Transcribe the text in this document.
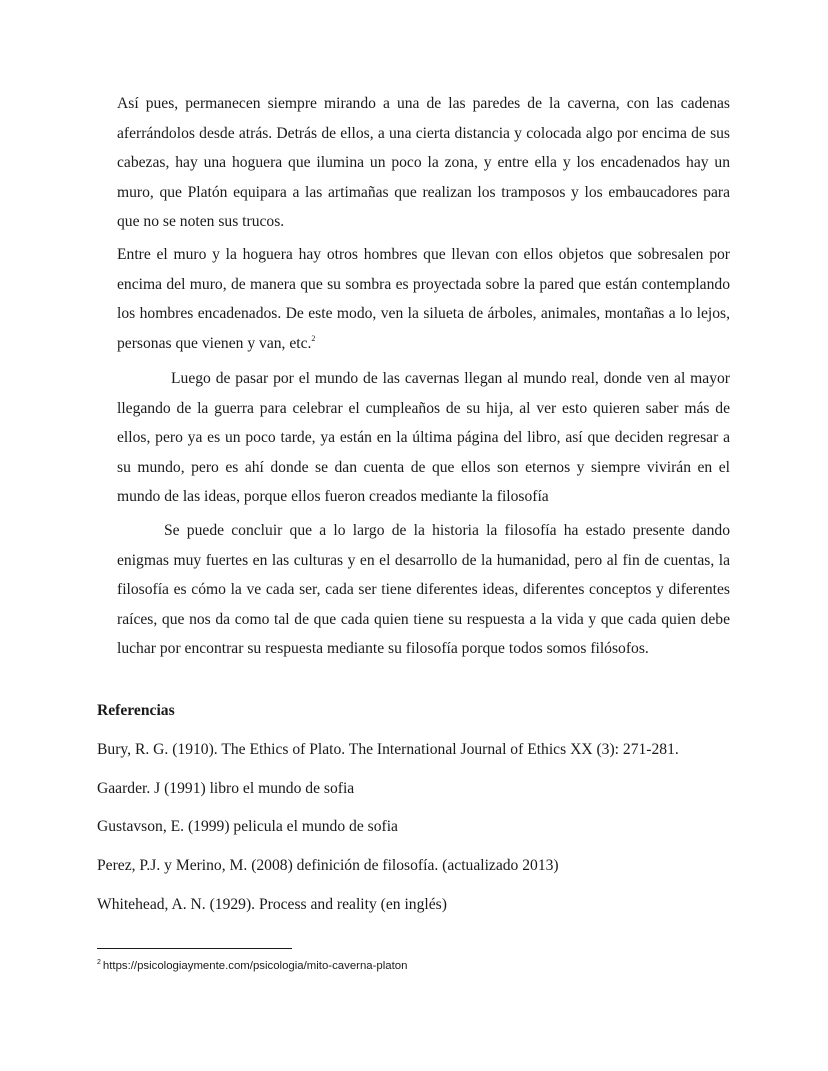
Así pues, permanecen siempre mirando a una de las paredes de la caverna, con las cadenas aferrándolos desde atrás. Detrás de ellos, a una cierta distancia y colocada algo por encima de sus cabezas, hay una hoguera que ilumina un poco la zona, y entre ella y los encadenados hay un muro, que Platón equipara a las artimañas que realizan los tramposos y los embaucadores para que no se noten sus trucos.

Entre el muro y la hoguera hay otros hombres que llevan con ellos objetos que sobresalen por encima del muro, de manera que su sombra es proyectada sobre la pared que están contemplando los hombres encadenados. De este modo, ven la silueta de árboles, animales, montañas a lo lejos, personas que vienen y van, etc.$^2$

Luego de pasar por el mundo de las cavernas llegan al mundo real, donde ven al mayor llegando de la guerra para celebrar el cumpleaños de su hija, al ver esto quieren saber más de ellos, pero ya es un poco tarde, ya están en la última página del libro, así que deciden regresar a su mundo, pero es ahí donde se dan cuenta de que ellos son eternos y siempre vivirán en el mundo de las ideas, porque ellos fueron creados mediante la filosofía

Se puede concluir que a lo largo de la historia la filosofía ha estado presente dando enigmas muy fuertes en las culturas y en el desarrollo de la humanidad, pero al fin de cuentas, la filosofía es cómo la ve cada ser, cada ser tiene diferentes ideas, diferentes conceptos y diferentes raíces, que nos da como tal de que cada quien tiene su respuesta a la vida y que cada quien debe luchar por encontrar su respuesta mediante su filosofía porque todos somos filósofos.

Referencias
Bury, R. G. (1910). The Ethics of Plato. The International Journal of Ethics XX (3): 271-281.
Gaarder. J (1991) libro el mundo de sofia
Gustavson, E. (1999) pelicula el mundo de sofia
Perez, P.J. y Merino, M. (2008) definición de filosofía. (actualizado 2013)
Whitehead, A. N. (1929). Process and reality (en inglés)

$^2$ https://psicologiaymente.com/psicologia/mito-caverna-platon
